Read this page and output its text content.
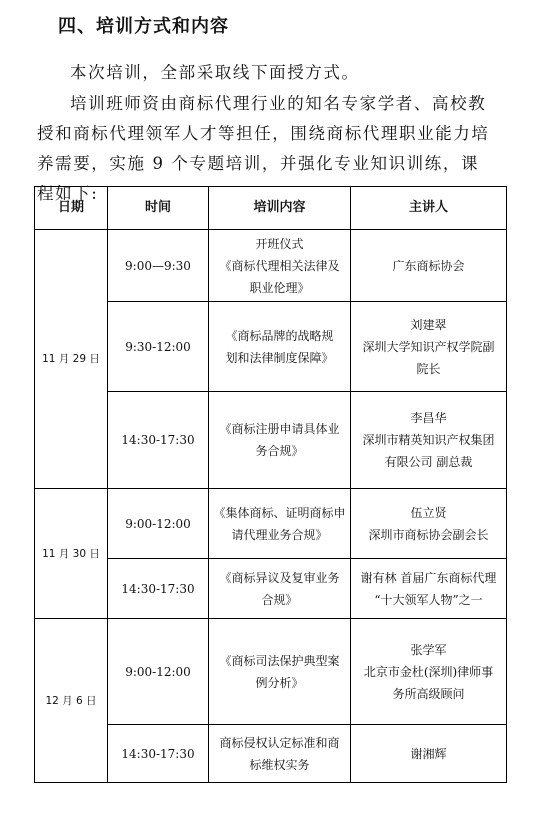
四、培训方式和内容
本次培训，全部采取线下面授方式。
培训班师资由商标代理行业的知名专家学者、高校教授和商标代理领军人才等担任，围绕商标代理职业能力培养需要，实施 9 个专题培训，并强化专业知识训练，课程如下:
日期	时间	培训内容	主讲人
11 月 29 日	9:00—9:30	开班仪式
《商标代理相关法律及
职业伦理》	广东商标协会

	9:30-12:00	《商标品牌的战略规
划和法律制度保障》	刘建翠
深圳大学知识产权学院副
院长

	14:30-17:30	《商标注册申请具体业
务合规》	李昌华
深圳市精英知识产权集团
有限公司 副总裁

11 月 30 日	9:00-12:00	《集体商标、证明商标申
请代理业务合规》	伍立贤
深圳市商标协会副会长

	14:30-17:30	《商标异议及复审业务
合规》	谢有林 首届广东商标代理
“十大领军人物”之一

12 月 6 日	9:00-12:00	《商标司法保护典型案
例分析》	张学军
北京市金杜(深圳)律师事
务所高级顾问

	14:30-17:30	商标侵权认定标准和商
标维权实务	谢湘辉
